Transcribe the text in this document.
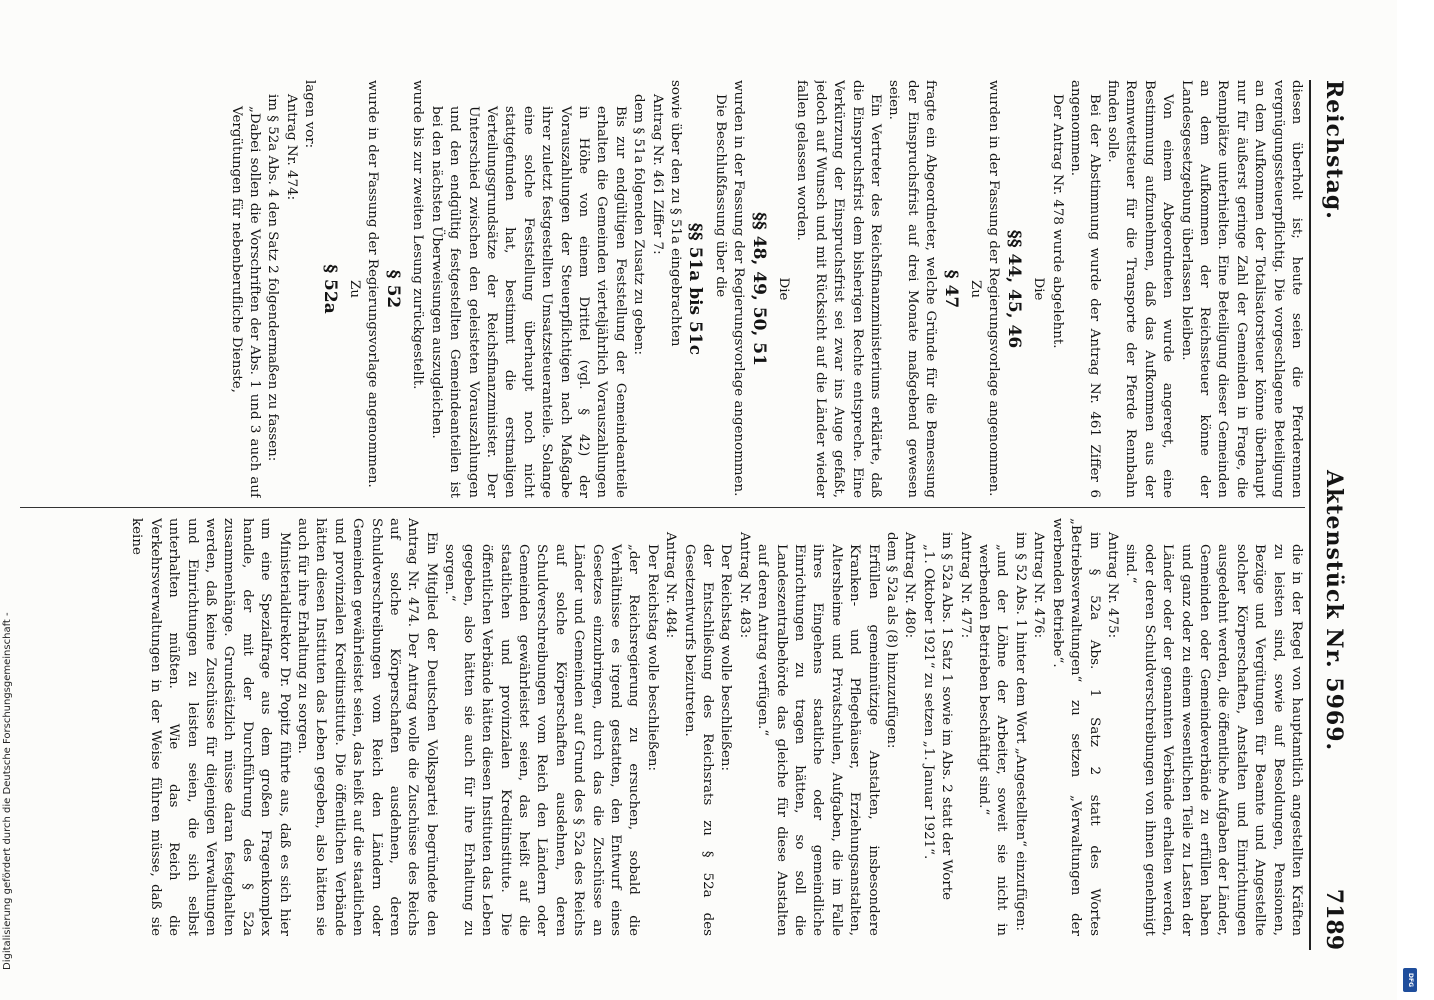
Reichstag.
Aktenstück Nr. 5969.
7189

diesen überholt ist; heute seien die Pferderennen vergnügungssteuerpflichtig. Die vorgeschlagene Beteiligung an dem Aufkommen der Totalisatorsteuer könne überhaupt nur für äußerst geringe Zahl der Gemeinden in Frage, die Rennplätze unterhielten. Eine Beteiligung dieser Gemeinden an dem Aufkommen der Reichssteuer könne der Landesgesetzgebung überlassen bleiben.

Von einem Abgeordneten wurde angeregt, eine Bestimmung aufzunehmen, daß das Aufkommen aus der Rennwettsteuer für die Transporte der Pferde Rennbahn finden solle.

Bei der Abstimmung wurde der Antrag Nr. 461 Ziffer 6 angenommen.

Der Antrag Nr. 478 wurde abgelehnt.

Die

§§ 44, 45, 46

wurden in der Fassung der Regierungsvorlage angenommen.

Zu

§ 47

fragte ein Abgeordneter, welche Gründe für die Bemessung der Einspruchsfrist auf drei Monate maßgebend gewesen seien.

Ein Vertreter des Reichsfinanzministeriums erklärte, daß die Einspruchsfrist dem bisherigen Rechte entspreche. Eine Verkürzung der Einspruchsfrist sei zwar ins Auge gefaßt, jedoch auf Wunsch und mit Rücksicht auf die Länder wieder fallen gelassen worden.

Die

§§ 48, 49, 50, 51

wurden in der Fassung der Regierungsvorlage angenommen.

Die Beschlußfassung über die

§§ 51a bis 51c

sowie über den zu § 51a eingebrachten

Antrag Nr. 461 Ziffer 7:

dem § 51a folgenden Zusatz zu geben:

Bis zur endgültigen Feststellung der Gemeindeanteile erhalten die Gemeinden vierteljährlich Vorauszahlungen in Höhe von einem Drittel (vgl. § 42) der Vorauszahlungen der Steuerpflichtigen nach Maßgabe ihrer zuletzt festgestellten Umsatzsteueranteile. Solange eine solche Feststellung überhaupt noch nicht stattgefunden hat, bestimmt die erstmaligen Verteilungsgrundsätze der Reichsfinanzminister. Der Unterschied zwischen den geleisteten Vorauszahlungen und den endgültig festgestellten Gemeindeanteilen ist bei den nächsten Überweisungen auszugleichen.

wurde bis zur zweiten Lesung zurückgestellt.

§ 52

wurde in der Fassung der Regierungsvorlage angenommen.

Zu

§ 52a

lagen vor:

Antrag Nr. 474:

im § 52a Abs. 4 den Satz 2 folgendermaßen zu fassen:

„Dabei sollen die Vorschriften der Abs. 1 und 3 auch auf Vergütungen für nebenberufliche Dienste,

die in der Regel von hauptamtlich angestellten Kräften zu leisten sind, sowie auf Besoldungen, Pensionen, Bezüge und Vergütungen für Beamte und Angestellte solcher Körperschaften, Anstalten und Einrichtungen ausgedehnt werden, die öffentliche Aufgaben der Länder, Gemeinden oder Gemeindeverbände zu erfüllen haben und ganz oder zu einem wesentlichen Teile zu Lasten der Länder oder der genannten Verbände erhalten werden, oder deren Schuldverschreibungen von ihnen genehmigt sind.“

Antrag Nr. 475:

im § 52a Abs. 1 Satz 2 statt des Wortes „Betriebsverwaltungen“ zu setzen „Verwaltungen der werbenden Betriebe“.

Antrag Nr. 476:

im § 52 Abs. 1 hinter dem Wort „Angestellten“ einzufügen:

„und der Löhne der Arbeiter, soweit sie nicht in werbenden Betrieben beschäftigt sind.“

Antrag Nr. 477:

im § 52a Abs. 1 Satz 1 sowie im Abs. 2 statt der Worte

„1. Oktober 1921“ zu setzen „1. Januar 1921“.

Antrag Nr. 480:

dem § 52a als (8) hinzuzufügen:

Erfüllen gemeinnützige Anstalten, insbesondere Kranken- und Pflegehäuser, Erziehungsanstalten, Altersheime und Privatschulen, Aufgaben, die im Falle ihres Eingehens staatliche oder gemeindliche Einrichtungen zu tragen hätten, so soll die Landeszentralbehörde das gleiche für diese Anstalten auf deren Antrag verfügen.“

Antrag Nr. 483:

Der Reichstag wolle beschließen:

der Entschließung des Reichsrats zu § 52a des Gesetzentwurfs beizutreten.

Antrag Nr. 484:

Der Reichstag wolle beschließen:

„der Reichsregierung zu ersuchen, sobald die Verhältnisse es irgend gestatten, den Entwurf eines Gesetzes einzubringen, durch das die Zuschüsse an Länder und Gemeinden auf Grund des § 52a des Reichs auf solche Körperschaften ausdehnen, deren Schuldverschreibungen vom Reich den Ländern oder Gemeinden gewährleistet seien, das heißt auf die staatlichen und provinzialen Kreditinstitute. Die öffentlichen Verbände hätten diesen Instituten das Leben gegeben, also hätten sie auch für ihre Erhaltung zu sorgen.“

Ein Mitglied der Deutschen Volkspartei begründete den Antrag Nr. 474. Der Antrag wolle die Zuschüsse des Reichs auf solche Körperschaften ausdehnen, deren Schuldverschreibungen vom Reich den Ländern oder Gemeinden gewährleistet seien, das heißt auf die staatlichen und provinzialen Kreditinstitute. Die öffentlichen Verbände hätten diesen Instituten das Leben gegeben, also hätten sie auch für ihre Erhaltung zu sorgen.

Ministerialdirektor Dr. Popitz führte aus, daß es sich hier um eine Spezialfrage aus dem großen Fragenkomplex handle, der mit der Durchführung des § 52a zusammenhänge. Grundsätzlich müsse daran festgehalten werden, daß keine Zuschüsse für diejenigen Verwaltungen und Einrichtungen zu leisten seien, die sich selbst unterhalten müßten. Wie das Reich die Verkehrsverwaltungen in der Weise führen müsse, daß sie keine

DFG
Digitalisierung gefördert durch die Deutsche Forschungsgemeinschaft -
